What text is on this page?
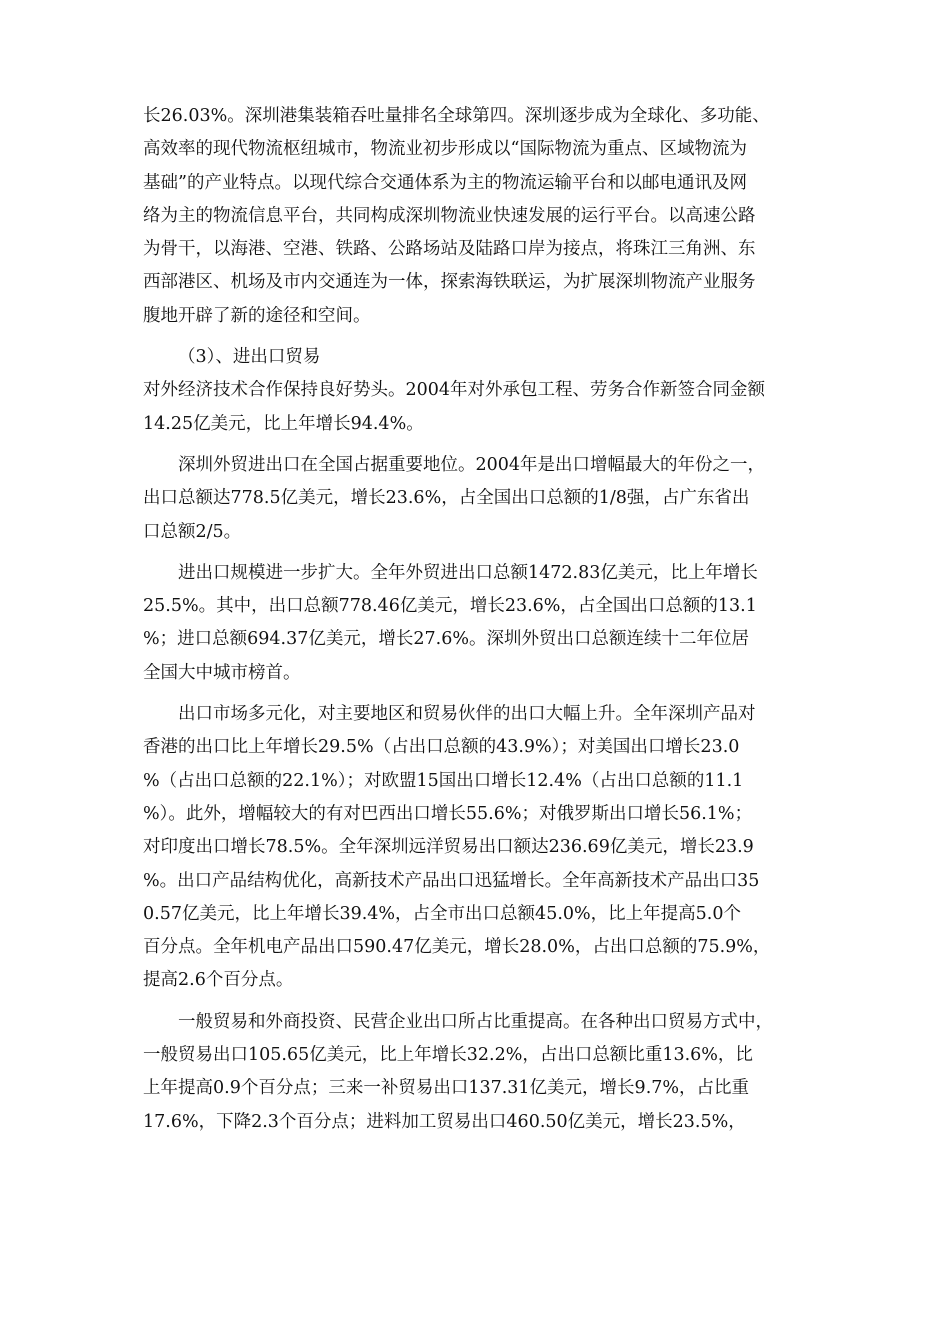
长26.03%。深圳港集装箱吞吐量排名全球第四。深圳逐步成为全球化、多功能、
高效率的现代物流枢纽城市，物流业初步形成以“国际物流为重点、区域物流为
基础”的产业特点。以现代综合交通体系为主的物流运输平台和以邮电通讯及网
络为主的物流信息平台，共同构成深圳物流业快速发展的运行平台。以高速公路
为骨干，以海港、空港、铁路、公路场站及陆路口岸为接点，将珠江三角洲、东
西部港区、机场及市内交通连为一体，探索海铁联运，为扩展深圳物流产业服务
腹地开辟了新的途径和空间。

（3）、进出口贸易

对外经济技术合作保持良好势头。2004年对外承包工程、劳务合作新签合同金额
14.25亿美元，比上年增长94.4%。

深圳外贸进出口在全国占据重要地位。2004年是出口增幅最大的年份之一，
出口总额达778.5亿美元，增长23.6%，占全国出口总额的1/8强，占广东省出
口总额2/5。

进出口规模进一步扩大。全年外贸进出口总额1472.83亿美元，比上年增长
25.5%。其中，出口总额778.46亿美元，增长23.6%，占全国出口总额的13.1
%；进口总额694.37亿美元，增长27.6%。深圳外贸出口总额连续十二年位居
全国大中城市榜首。

出口市场多元化，对主要地区和贸易伙伴的出口大幅上升。全年深圳产品对
香港的出口比上年增长29.5%（占出口总额的43.9%）；对美国出口增长23.0
%（占出口总额的22.1%）；对欧盟15国出口增长12.4%（占出口总额的11.1
%）。此外，增幅较大的有对巴西出口增长55.6%；对俄罗斯出口增长56.1%；
对印度出口增长78.5%。全年深圳远洋贸易出口额达236.69亿美元，增长23.9
%。出口产品结构优化，高新技术产品出口迅猛增长。全年高新技术产品出口35
0.57亿美元，比上年增长39.4%，占全市出口总额45.0%，比上年提高5.0个
百分点。全年机电产品出口590.47亿美元，增长28.0%，占出口总额的75.9%，
提高2.6个百分点。

一般贸易和外商投资、民营企业出口所占比重提高。在各种出口贸易方式中，
一般贸易出口105.65亿美元，比上年增长32.2%，占出口总额比重13.6%，比
上年提高0.9个百分点；三来一补贸易出口137.31亿美元，增长9.7%，占比重
17.6%，下降2.3个百分点；进料加工贸易出口460.50亿美元，增长23.5%，
